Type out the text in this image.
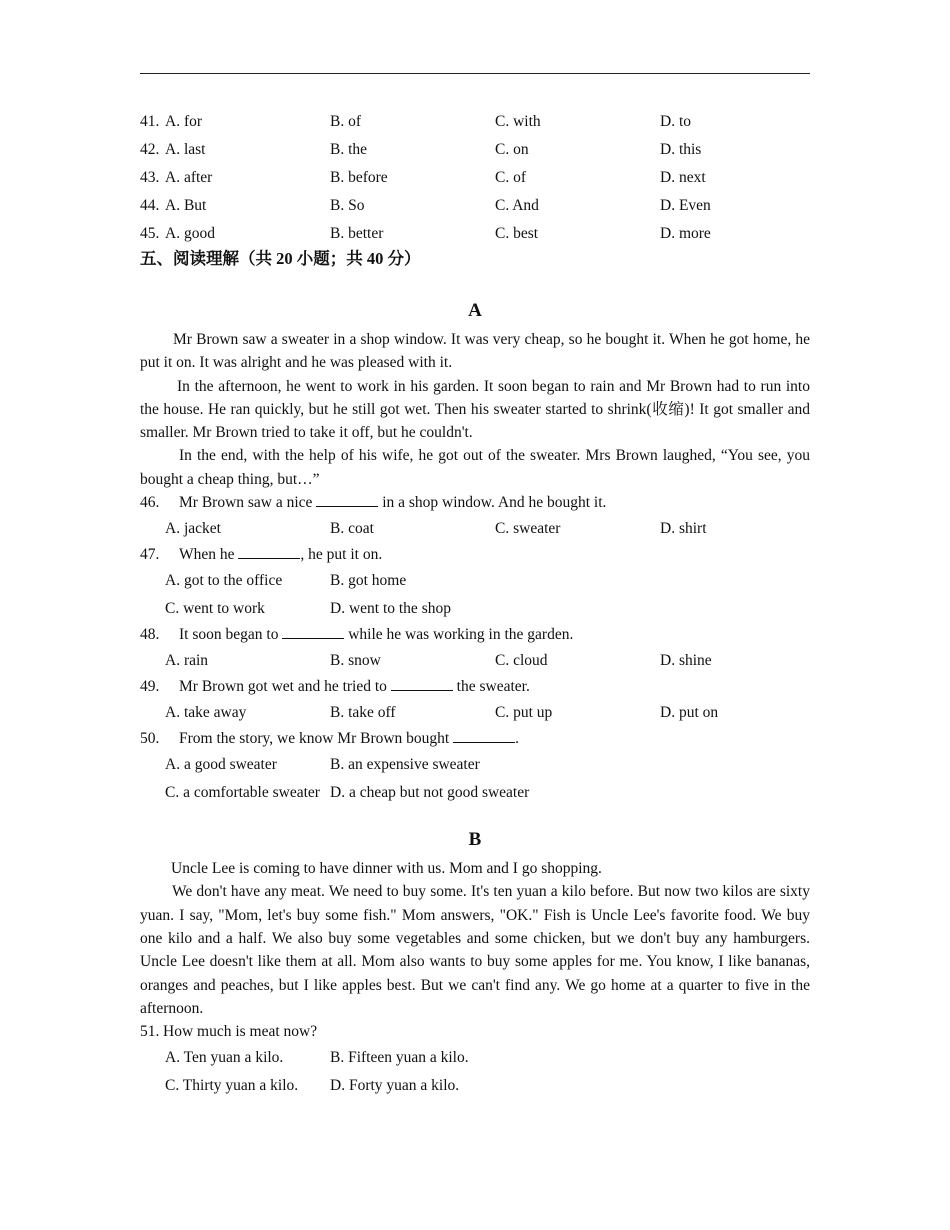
41. A. for	B. of	C. with	D. to
42. A. last	B. the	C. on	D. this
43. A. after	B. before	C. of	D. next
44. A. But	B. So	C. And	D. Even
45. A. good	B. better	C. best	D. more
五、阅读理解（共 20 小题；共 40 分）
A

Mr Brown saw a sweater in a shop window. It was very cheap, so he bought it. When he got home, he put it on. It was alright and he was pleased with it.

In the afternoon, he went to work in his garden. It soon began to rain and Mr Brown had to run into the house. He ran quickly, but he still got wet. Then his sweater started to shrink(收缩)! It got smaller and smaller. Mr Brown tried to take it off, but he couldn't.

In the end, with the help of his wife, he got out of the sweater. Mrs Brown laughed, “You see, you bought a cheap thing, but…”

46. Mr Brown saw a nice	in a shop window. And he bought it.
A. jacket	B. coat	C. sweater	D. shirt
47. When he	, he put it on.
A. got to the office	B. got home
C. went to work	D. went to the shop
48. It soon began to	while he was working in the garden.
A. rain	B. snow	C. cloud	D. shine
49. Mr Brown got wet and he tried to	the sweater.
A. take away	B. take off	C. put up	D. put on
50. From the story, we know Mr Brown bought	.
A. a good sweater	B. an expensive sweater
C. a comfortable sweater D. a cheap but not good sweater
B

Uncle Lee is coming to have dinner with us. Mom and I go shopping.

We don't have any meat. We need to buy some. It's ten yuan a kilo before. But now two kilos are sixty yuan. I say, "Mom, let's buy some fish." Mom answers, "OK." Fish is Uncle Lee's favorite food. We buy one kilo and a half. We also buy some vegetables and some chicken, but we don't buy any hamburgers. Uncle Lee doesn't like them at all. Mom also wants to buy some apples for me. You know, I like bananas, oranges and peaches, but I like apples best. But we can't find any. We go home at a quarter to five in the afternoon.

51. How much is meat now?
A. Ten yuan a kilo.	B. Fifteen yuan a kilo.
C. Thirty yuan a kilo. D. Forty yuan a kilo.
